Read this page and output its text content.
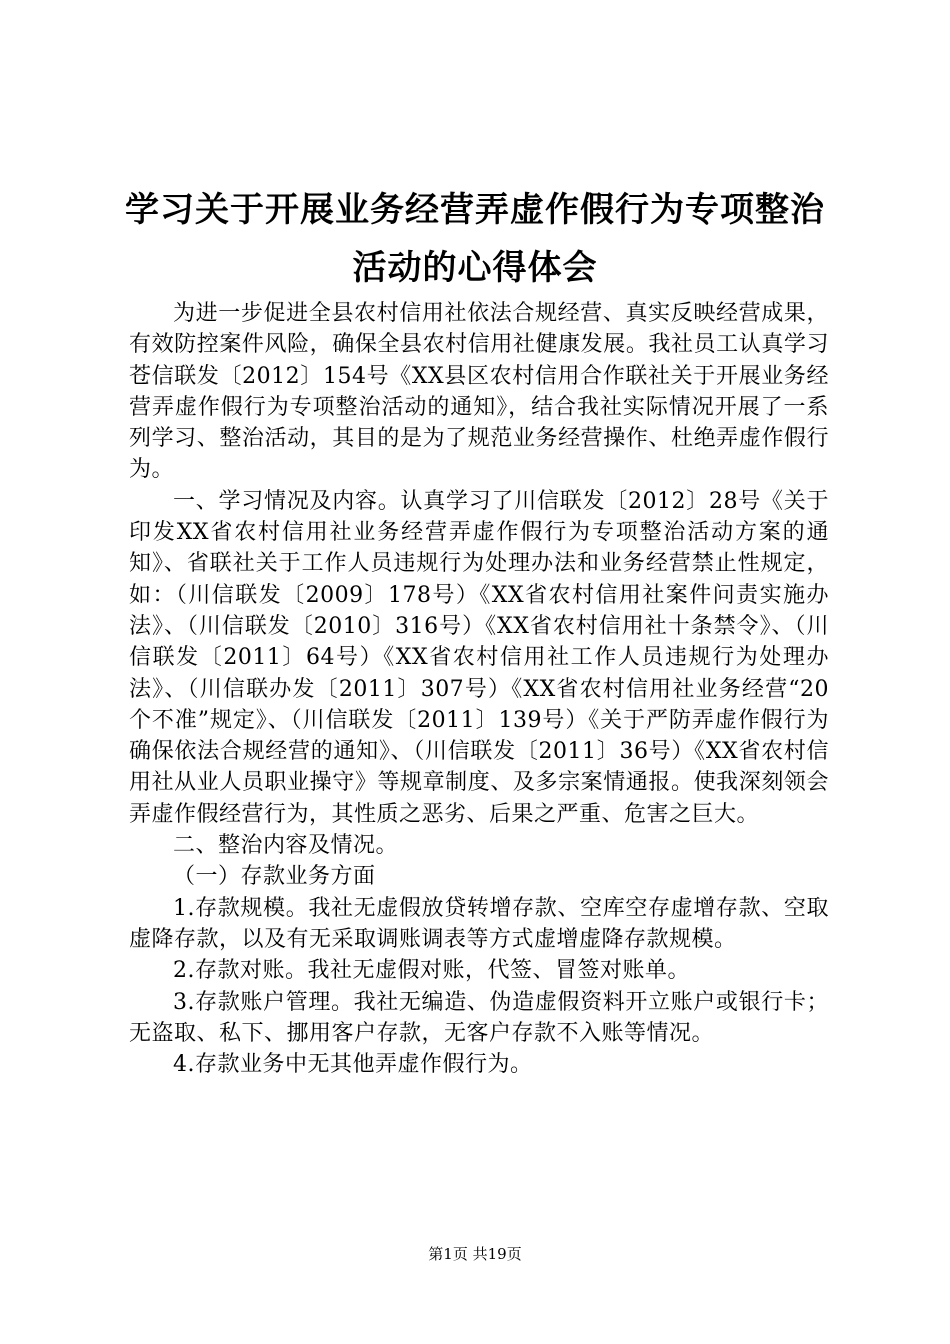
学习关于开展业务经营弄虚作假行为专项整治
活动的心得体会

为进一步促进全县农村信用社依法合规经营、真实反映经营成果，有效防控案件风险，确保全县农村信用社健康发展。我社员工认真学习苍信联发〔2012〕154号《XX县区农村信用合作联社关于开展业务经营弄虚作假行为专项整治活动的通知》，结合我社实际情况开展了一系列学习、整治活动，其目的是为了规范业务经营操作、杜绝弄虚作假行为。

一、学习情况及内容。认真学习了川信联发〔2012〕28号《关于印发XX省农村信用社业务经营弄虚作假行为专项整治活动方案的通知》、省联社关于工作人员违规行为处理办法和业务经营禁止性规定，如：（川信联发〔2009〕178号）《XX省农村信用社案件问责实施办法》、（川信联发〔2010〕316号）《XX省农村信用社十条禁令》、（川信联发〔2011〕64号）《XX省农村信用社工作人员违规行为处理办法》、（川信联办发〔2011〕307号）《XX省农村信用社业务经营“20个不准”规定》、（川信联发〔2011〕139号）《关于严防弄虚作假行为确保依法合规经营的通知》、（川信联发〔2011〕36号）《XX省农村信用社从业人员职业操守》等规章制度、及多宗案情通报。使我深刻领会弄虚作假经营行为，其性质之恶劣、后果之严重、危害之巨大。

二、整治内容及情况。

（一）存款业务方面

1.存款规模。我社无虚假放贷转增存款、空库空存虚增存款、空取虚降存款，以及有无采取调账调表等方式虚增虚降存款规模。

2.存款对账。我社无虚假对账，代签、冒签对账单。

3.存款账户管理。我社无编造、伪造虚假资料开立账户或银行卡；无盗取、私下、挪用客户存款，无客户存款不入账等情况。

4.存款业务中无其他弄虚作假行为。

第1页 共19页
